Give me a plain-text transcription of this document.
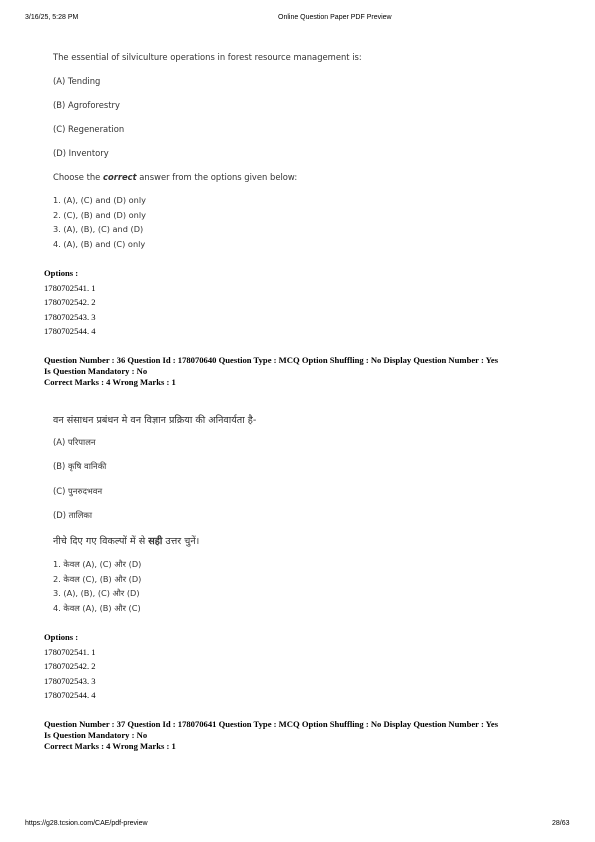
3/16/25, 5:28 PM	Online Question Paper PDF Preview
The essential of silviculture operations in forest resource management is:
(A) Tending
(B) Agroforestry
(C) Regeneration
(D) Inventory
Choose the correct answer from the options given below:
1. (A), (C) and (D) only
2. (C), (B) and (D) only
3. (A), (B), (C) and (D)
4. (A), (B) and (C) only
Options :
1780702541. 1
1780702542. 2
1780702543. 3
1780702544. 4
Question Number : 36 Question Id : 178070640 Question Type : MCQ Option Shuffling : No Display Question Number : Yes
Is Question Mandatory : No
Correct Marks : 4 Wrong Marks : 1
वन संसाधन प्रबंधन मे वन विज्ञान प्रक्रिया की अनिवार्यता है-
(A) परिपालन
(B) कृषि वानिकी
(C) पुनरुदभवन
(D) तालिका
नीचे दिए गए विकल्पों में से सही उत्तर चुनें।
1. केवल (A), (C) और (D)
2. केवल (C), (B) और (D)
3. (A), (B), (C) और (D)
4. केवल (A), (B) और (C)
Options :
1780702541. 1
1780702542. 2
1780702543. 3
1780702544. 4
Question Number : 37 Question Id : 178070641 Question Type : MCQ Option Shuffling : No Display Question Number : Yes
Is Question Mandatory : No
Correct Marks : 4 Wrong Marks : 1
https://g28.tcsion.com/CAE/pdf-preview	28/63
